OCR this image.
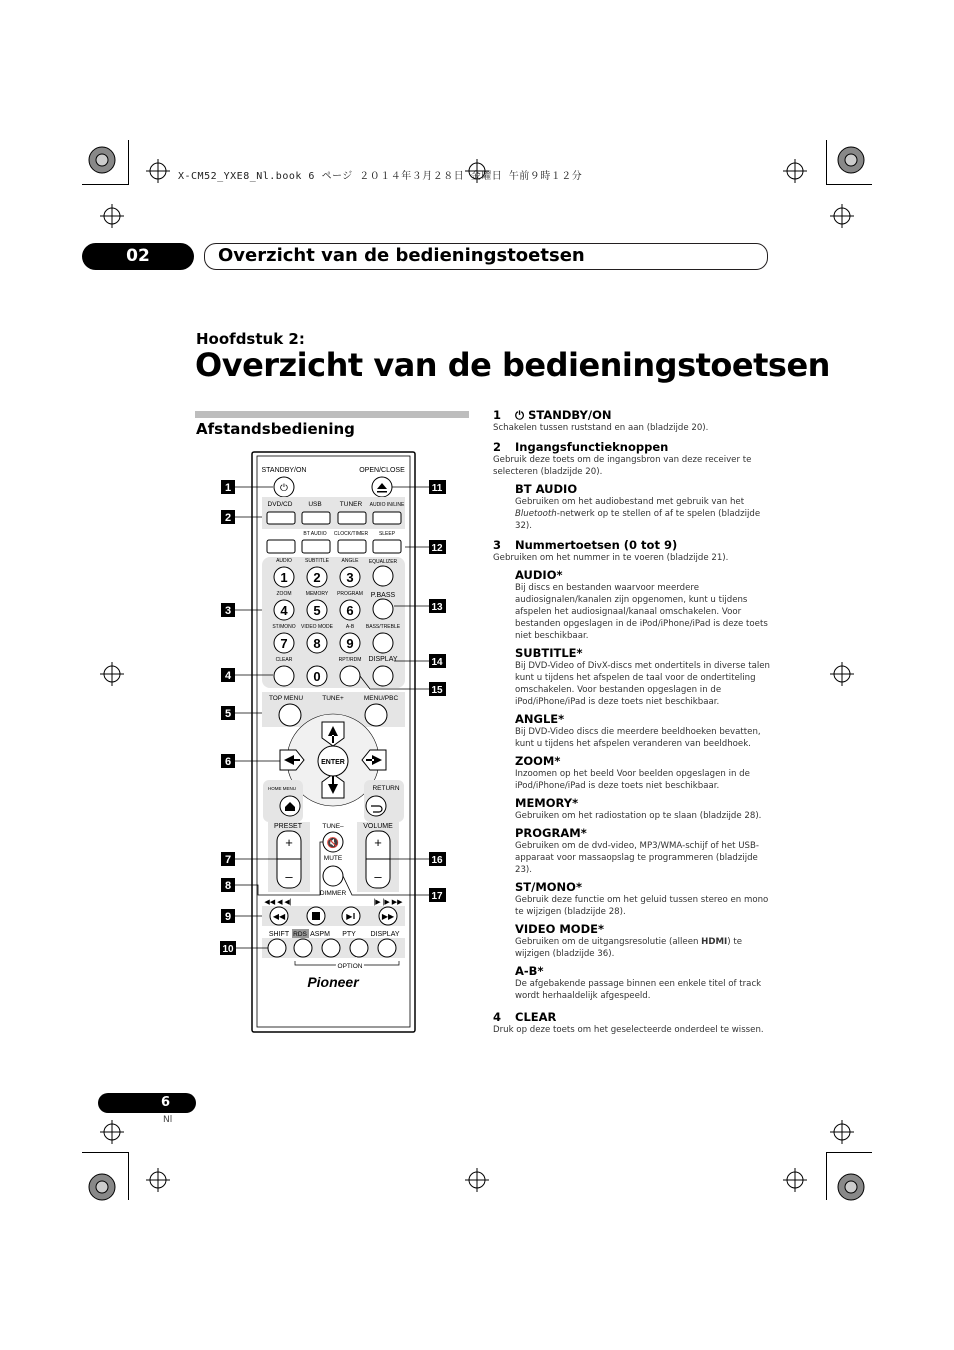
X-CM52_YXE8_Nl.book 6 ページ ２０１４年３月２８日 金曜日 午前９時１２分
02	Overzicht van de bedieningstoetsen
Hoofdstuk 2:
Overzicht van de bedieningstoetsen
Afstandsbediening
STANDBY/ON	OPEN/CLOSE
⏻
DVD/CD USB	TUNER AUDIO IN/LINE
BT AUDIO CLOCK/TIMER SLEEP
AUDIO	SUBTITLE	ANGLE EQUALIZER
ZOOM	MEMORY PROGRAM
ST/MONO VIDEO MODE	A-B BASS/TREBLE
CLEAR	RPT/RDM
P.BASS
DISPLAY
1 2 3
4 5 6
7 8 9
0
TOP MENU	TUNE+	MENU/PBC
ENTER
HOME MENU	RETURN
PRESET	TUNE–	VOLUME
+
–
+
–
🔇
MUTE
DIMMER
◀◀ ◀ ◀|	|▶ |▶ ▶▶
◀◀	▶‖	▶▶
SHIFT RDS ASPM PTY DISPLAY
OPTION
Pioneer
1
2
3
4
5
6
7
8
9
10
11
12
13
14
15
16
17
1 ⏻ STANDBY/ON
Schakelen tussen ruststand en aan (bladzijde 20).
2 Ingangsfunctieknoppen
Gebruik deze toets om de ingangsbron van deze receiver te selecteren (bladzijde 20).
BT AUDIO
Gebruiken om het audiobestand met gebruik van het Bluetooth-netwerk op te stellen of af te spelen (bladzijde 32).
3 Nummertoetsen (0 tot 9)
Gebruiken om het nummer in te voeren (bladzijde 21).
AUDIO*
Bij discs en bestanden waarvoor meerdere audiosignalen/kanalen zijn opgenomen, kunt u tijdens afspelen het audiosignaal/kanaal omschakelen. Voor bestanden opgeslagen in de iPod/iPhone/iPad is deze toets niet beschikbaar.
SUBTITLE*
Bij DVD-Video of DivX-discs met ondertitels in diverse talen kunt u tijdens het afspelen de taal voor de ondertiteling omschakelen. Voor bestanden opgeslagen in de iPod/iPhone/iPad is deze toets niet beschikbaar.
ANGLE*
Bij DVD-Video discs die meerdere beeldhoeken bevatten, kunt u tijdens het afspelen veranderen van beeldhoek.
ZOOM*
Inzoomen op het beeld Voor beelden opgeslagen in de iPod/iPhone/iPad is deze toets niet beschikbaar.
MEMORY*
Gebruiken om het radiostation op te slaan (bladzijde 28).
PROGRAM*
Gebruiken om de dvd-video, MP3/WMA-schijf of het USB-apparaat voor massaopslag te programmeren (bladzijde 23).
ST/MONO*
Gebruik deze functie om het geluid tussen stereo en mono te wijzigen (bladzijde 28).
VIDEO MODE*
Gebruiken om de uitgangsresolutie (alleen HDMI) te wijzigen (bladzijde 36).
A-B*
De afgebakende passage binnen een enkele titel of track wordt herhaaldelijk afgespeeld.
4 CLEAR
Druk op deze toets om het geselecteerde onderdeel te wissen.
6
Nl
